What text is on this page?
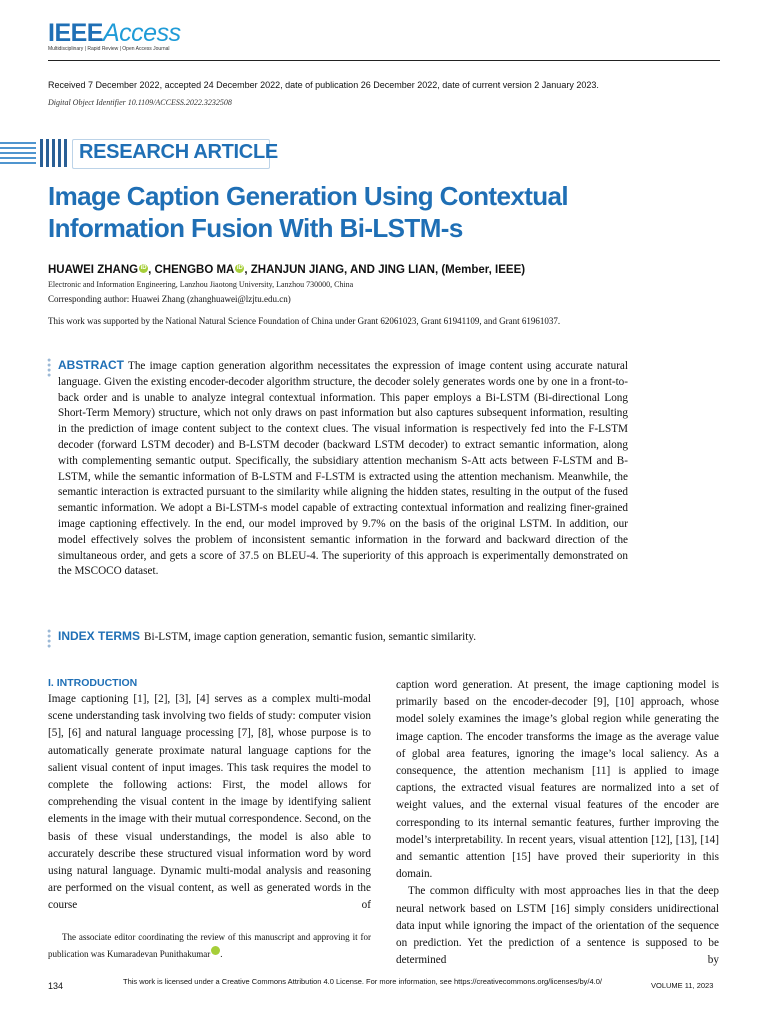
IEEEAccess
Multidisciplinary | Rapid Review | Open Access Journal
Received 7 December 2022, accepted 24 December 2022, date of publication 26 December 2022, date of current version 2 January 2023.
Digital Object Identifier 10.1109/ACCESS.2022.3232508
RESEARCH ARTICLE
Image Caption Generation Using Contextual Information Fusion With Bi-LSTM-s
HUAWEI ZHANG iD , CHENGBO MA iD , ZHANJUN JIANG, AND JING LIAN, (Member, IEEE)
Electronic and Information Engineering, Lanzhou Jiaotong University, Lanzhou 730000, China
Corresponding author: Huawei Zhang (zhanghuawei@lzjtu.edu.cn)
This work was supported by the National Natural Science Foundation of China under Grant 62061023, Grant 61941109, and Grant 61961037.
●
●
●
●
ABSTRACT The image caption generation algorithm necessitates the expression of image content using accurate natural language. Given the existing encoder-decoder algorithm structure, the decoder solely generates words one by one in a front-to-back order and is unable to analyze integral contextual information. This paper employs a Bi-LSTM (Bi-directional Long Short-Term Memory) structure, which not only draws on past information but also captures subsequent information, resulting in the prediction of image content subject to the context clues. The visual information is respectively fed into the F-LSTM decoder (forward LSTM decoder) and B-LSTM decoder (backward LSTM decoder) to extract semantic information, along with complementing semantic output. Specifically, the subsidiary attention mechanism S-Att acts between F-LSTM and B-LSTM, while the semantic information of B-LSTM and F-LSTM is extracted using the attention mechanism. Meanwhile, the semantic interaction is extracted pursuant to the similarity while aligning the hidden states, resulting in the output of the fused semantic information. We adopt a Bi-LSTM-s model capable of extracting contextual information and realizing finer-grained image captioning effectively. In the end, our model improved by 9.7% on the basis of the original LSTM. In addition, our model effectively solves the problem of inconsistent semantic information in the forward and backward direction of the simultaneous order, and gets a score of 37.5 on BLEU-4. The superiority of this approach is experimentally demonstrated on the MSCOCO dataset.
●
●
●
●
INDEX TERMS Bi-LSTM, image caption generation, semantic fusion, semantic similarity.
I. INTRODUCTION
Image captioning [1], [2], [3], [4] serves as a complex multi-modal scene understanding task involving two fields of study: computer vision [5], [6] and natural language processing [7], [8], whose purpose is to automatically generate proximate natural language captions for the salient visual content of input images. This task requires the model to complete the following actions: First, the model allows for comprehending the visual content in the image by identifying salient elements in the image with their mutual correspondence. Second, on the basis of these visual understandings, the model is also able to accurately describe these structured visual information word by word using natural language. Dynamic multi-modal analysis and reasoning are performed on the visual content, as well as generated words in the course of
caption word generation. At present, the image captioning model is primarily based on the encoder-decoder [9], [10] approach, whose model solely examines the image’s global region while generating the image caption. The encoder transforms the image as the average value of global area features, ignoring the image’s local saliency. As a consequence, the attention mechanism [11] is applied to image captions, the extracted visual features are normalized into a set of weight values, and the external visual features of the encoder are corresponding to its internal semantic features, further improving the model’s interpretability. In recent years, visual attention [12], [13], [14] and semantic attention [15] have proved their superiority in this domain.
The common difficulty with most approaches lies in that the deep neural network based on LSTM [16] simply considers unidirectional data input while ignoring the impact of the orientation of the sequence on prediction. Yet the prediction of a sentence is supposed to be determined by
The associate editor coordinating the review of this manuscript and approving it for publication was Kumaradevan Punithakumar	iD.
134	This work is licensed under a Creative Commons Attribution 4.0 License. For more information, see https://creativecommons.org/licenses/by/4.0/	VOLUME 11, 2023
